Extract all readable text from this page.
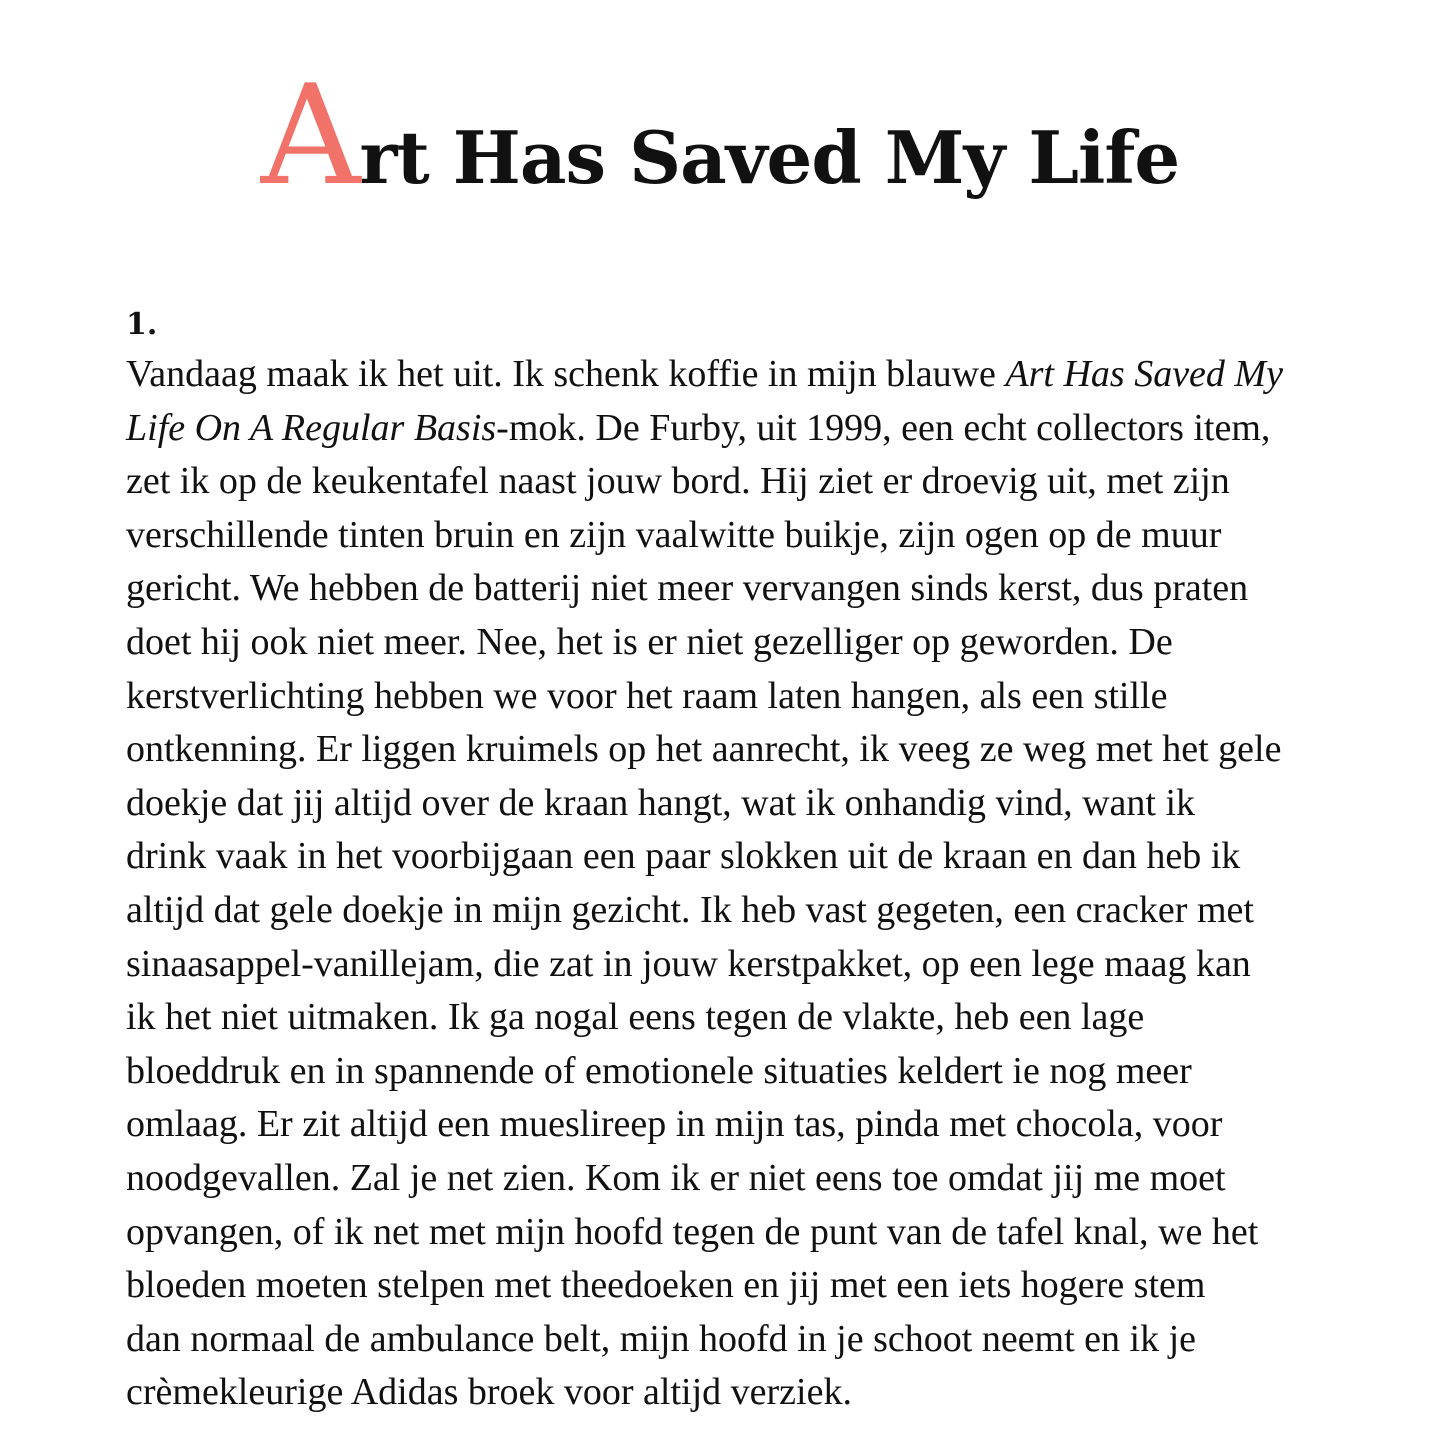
Art Has Saved My Life

1.

Vandaag maak ik het uit. Ik schenk koffie in mijn blauwe Art Has Saved My
Life On A Regular Basis-mok. De Furby, uit 1999, een echt collectors item,
zet ik op de keukentafel naast jouw bord. Hij ziet er droevig uit, met zijn
verschillende tinten bruin en zijn vaalwitte buikje, zijn ogen op de muur
gericht. We hebben de batterij niet meer vervangen sinds kerst, dus praten
doet hij ook niet meer. Nee, het is er niet gezelliger op geworden. De
kerstverlichting hebben we voor het raam laten hangen, als een stille
ontkenning. Er liggen kruimels op het aanrecht, ik veeg ze weg met het gele
doekje dat jij altijd over de kraan hangt, wat ik onhandig vind, want ik
drink vaak in het voorbijgaan een paar slokken uit de kraan en dan heb ik
altijd dat gele doekje in mijn gezicht. Ik heb vast gegeten, een cracker met
sinaasappel-vanillejam, die zat in jouw kerstpakket, op een lege maag kan
ik het niet uitmaken. Ik ga nogal eens tegen de vlakte, heb een lage
bloeddruk en in spannende of emotionele situaties keldert ie nog meer
omlaag. Er zit altijd een mueslireep in mijn tas, pinda met chocola, voor
noodgevallen. Zal je net zien. Kom ik er niet eens toe omdat jij me moet
opvangen, of ik net met mijn hoofd tegen de punt van de tafel knal, we het
bloeden moeten stelpen met theedoeken en jij met een iets hogere stem
dan normaal de ambulance belt, mijn hoofd in je schoot neemt en ik je
crèmekleurige Adidas broek voor altijd verziek.
